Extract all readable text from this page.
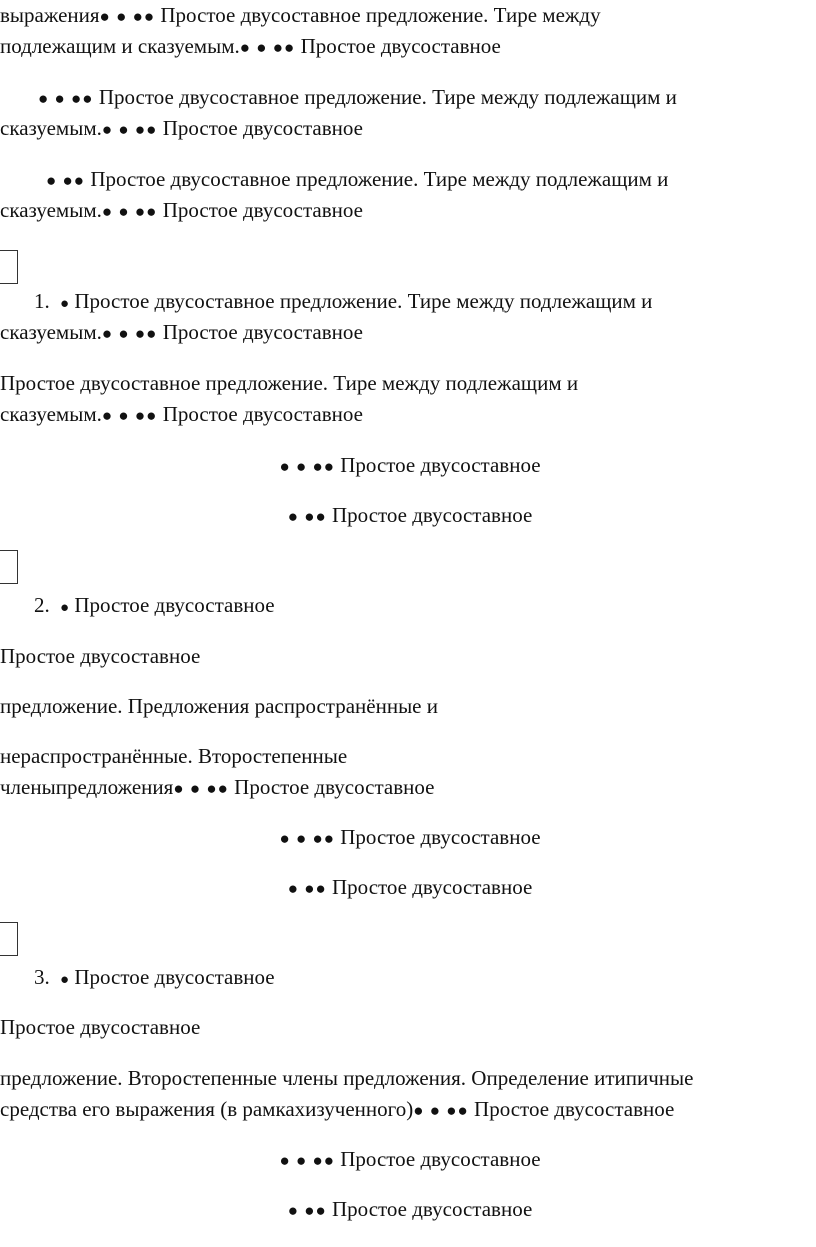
выражения● ● ●● Простое двусоставное предложение. Тире между

подлежащим и сказуемым.● ● ●● Простое двусоставное

● ● ●● Простое двусоставное предложение. Тире между подлежащим и

сказуемым.● ● ●● Простое двусоставное

● ●● Простое двусоставное предложение. Тире между подлежащим и

сказуемым.● ● ●● Простое двусоставное

1. ● Простое двусоставное предложение. Тире между подлежащим и

сказуемым.● ● ●● Простое двусоставное

Простое двусоставное предложение. Тире между подлежащим и

сказуемым.● ● ●● Простое двусоставное

● ● ●● Простое двусоставное

● ●● Простое двусоставное

2. ● Простое двусоставное

Простое двусоставное

предложение. Предложения распространённые и

нераспространённые. Второстепенные

членыпредложения● ● ●● Простое двусоставное

● ● ●● Простое двусоставное

● ●● Простое двусоставное

3. ● Простое двусоставное

Простое двусоставное

предложение. Второстепенные члены предложения. Определение итипичные

средства его выражения (в рамкахизученного)● ● ●● Простое двусоставное

● ● ●● Простое двусоставное

● ●● Простое двусоставное
